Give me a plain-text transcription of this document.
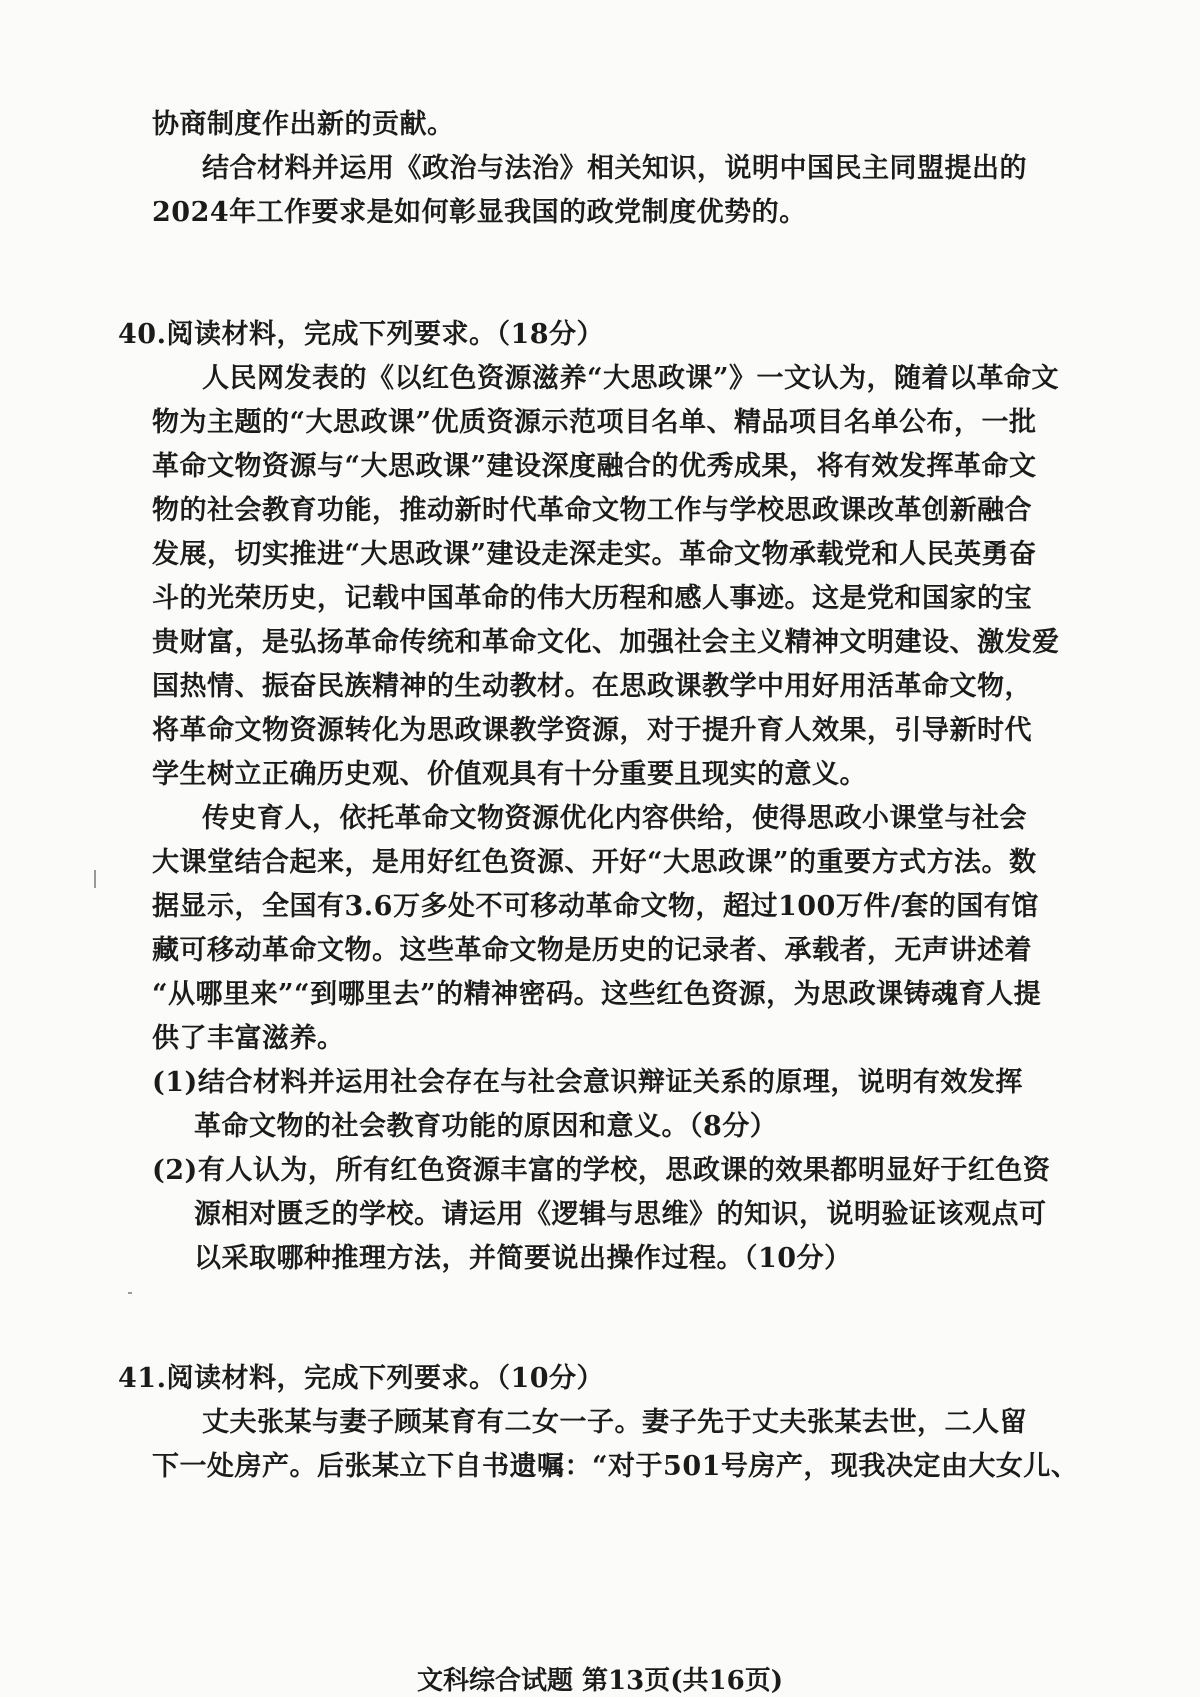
协商制度作出新的贡献。
结合材料并运用《政治与法治》相关知识，说明中国民主同盟提出的
2024年工作要求是如何彰显我国的政党制度优势的。
40.阅读材料，完成下列要求。（18分）
人民网发表的《以红色资源滋养“大思政课”》一文认为，随着以革命文
物为主题的“大思政课”优质资源示范项目名单、精品项目名单公布，一批
革命文物资源与“大思政课”建设深度融合的优秀成果，将有效发挥革命文
物的社会教育功能，推动新时代革命文物工作与学校思政课改革创新融合
发展，切实推进“大思政课”建设走深走实。革命文物承载党和人民英勇奋
斗的光荣历史，记载中国革命的伟大历程和感人事迹。这是党和国家的宝
贵财富，是弘扬革命传统和革命文化、加强社会主义精神文明建设、激发爱
国热情、振奋民族精神的生动教材。在思政课教学中用好用活革命文物，
将革命文物资源转化为思政课教学资源，对于提升育人效果，引导新时代
学生树立正确历史观、价值观具有十分重要且现实的意义。
传史育人，依托革命文物资源优化内容供给，使得思政小课堂与社会
大课堂结合起来，是用好红色资源、开好“大思政课”的重要方式方法。数
据显示，全国有3.6万多处不可移动革命文物，超过100万件/套的国有馆
藏可移动革命文物。这些革命文物是历史的记录者、承载者，无声讲述着
“从哪里来”“到哪里去”的精神密码。这些红色资源，为思政课铸魂育人提
供了丰富滋养。
(1)结合材料并运用社会存在与社会意识辩证关系的原理，说明有效发挥
革命文物的社会教育功能的原因和意义。（8分）
(2)有人认为，所有红色资源丰富的学校，思政课的效果都明显好于红色资
源相对匮乏的学校。请运用《逻辑与思维》的知识，说明验证该观点可
以采取哪种推理方法，并简要说出操作过程。（10分）
41.阅读材料，完成下列要求。（10分）
丈夫张某与妻子顾某育有二女一子。妻子先于丈夫张某去世，二人留
下一处房产。后张某立下自书遗嘱：“对于501号房产，现我决定由大女儿、
文科综合试题 第13页(共16页)
